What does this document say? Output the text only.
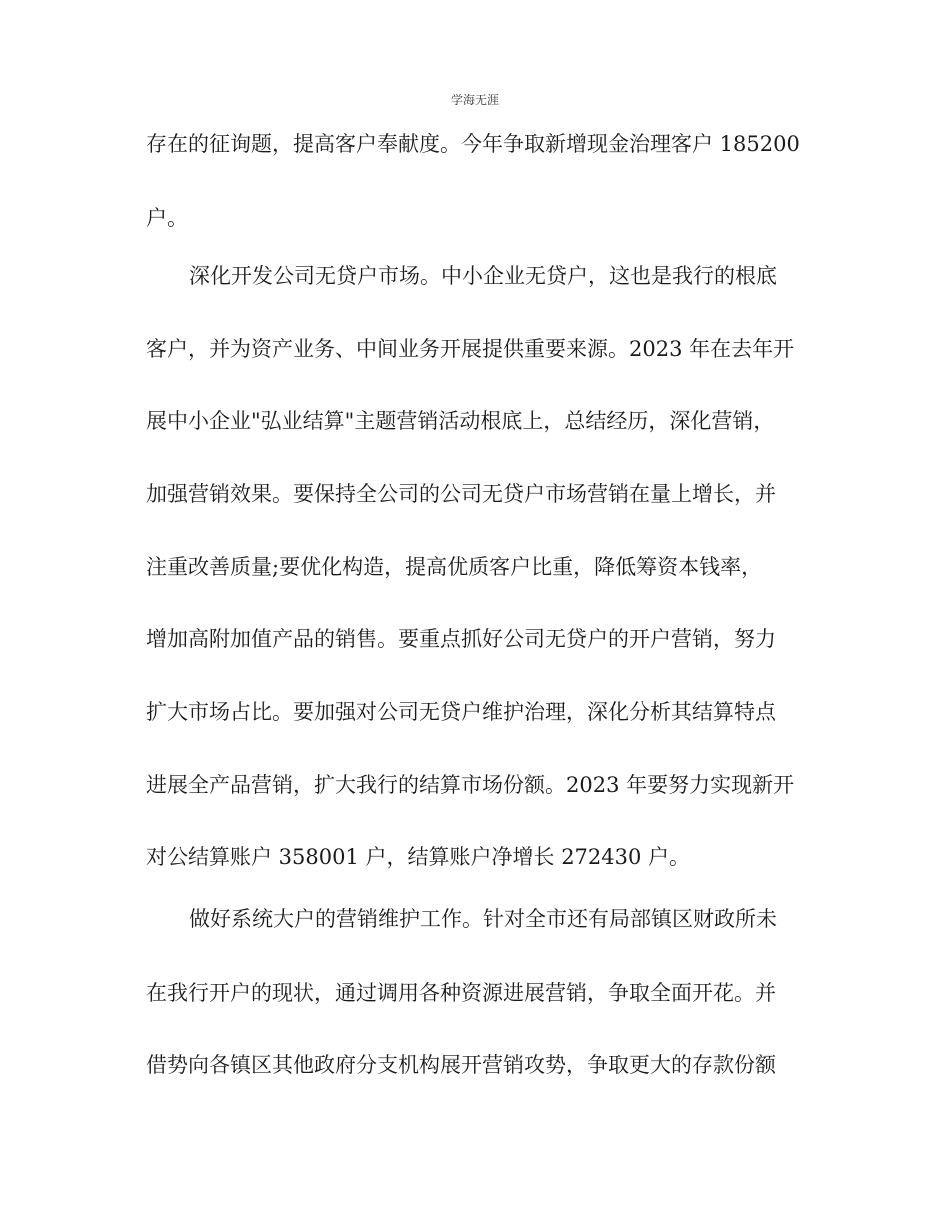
学海无涯
存在的征询题，提高客户奉献度。今年争取新增现金治理客户 185200
户。
深化开发公司无贷户市场。中小企业无贷户，这也是我行的根底
客户，并为资产业务、中间业务开展提供重要来源。2023 年在去年开
展中小企业"弘业结算"主题营销活动根底上，总结经历，深化营销，
加强营销效果。要保持全公司的公司无贷户市场营销在量上增长，并
注重改善质量;要优化构造，提高优质客户比重，降低筹资本钱率，
增加高附加值产品的销售。要重点抓好公司无贷户的开户营销，努力
扩大市场占比。要加强对公司无贷户维护治理，深化分析其结算特点
进展全产品营销，扩大我行的结算市场份额。2023 年要努力实现新开
对公结算账户 358001 户，结算账户净增长 272430 户。
做好系统大户的营销维护工作。针对全市还有局部镇区财政所未
在我行开户的现状，通过调用各种资源进展营销，争取全面开花。并
借势向各镇区其他政府分支机构展开营销攻势，争取更大的存款份额
